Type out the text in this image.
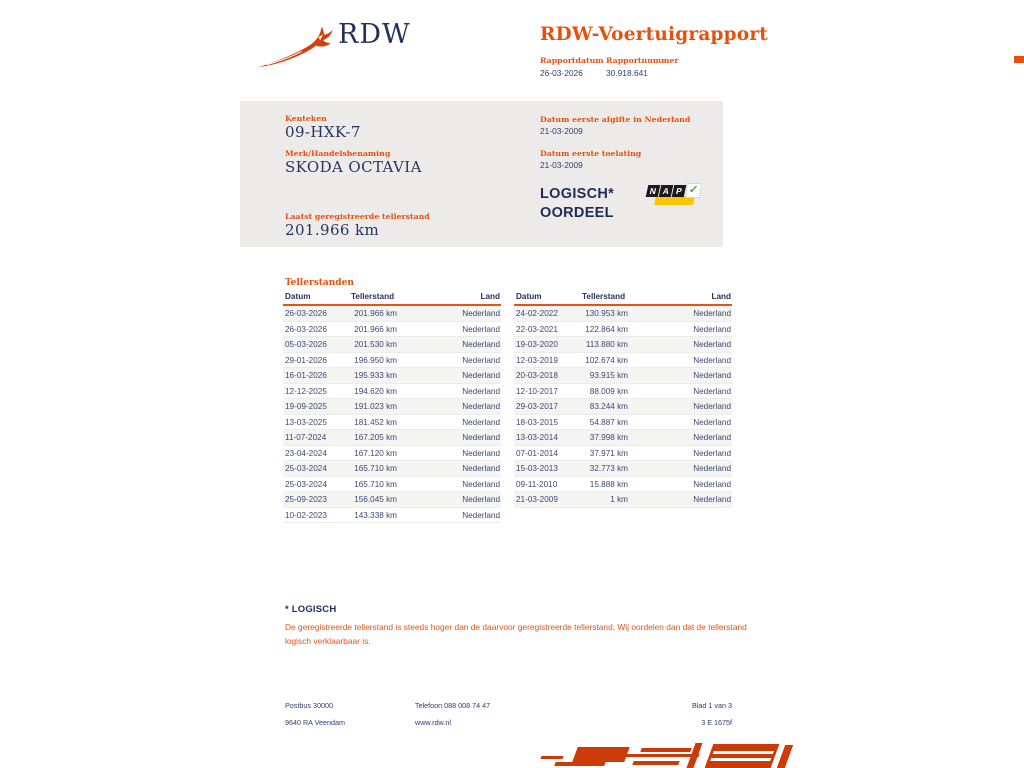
RDW	RDW-Voertuigrapport
Rapportdatum
26-03-2026
Rapportnummer
30.918.641
Kenteken
09-HXK-7
Merk/Handelsbenaming
SKODA OCTAVIA
Laatst geregistreerde tellerstand
201.966 km
Datum eerste afgifte in Nederland
21-03-2009
Datum eerste toelating
21-03-2009
LOGISCH*
OORDEEL
N A P ✓
Tellerstanden
Datum	Tellerstand	Land
26-03-2026	201.966 km	Nederland
26-03-2026	201.966 km	Nederland
05-03-2026	201.530 km	Nederland
29-01-2026	196.950 km	Nederland
16-01-2026	195.933 km	Nederland
12-12-2025	194.620 km	Nederland
19-09-2025	191.023 km	Nederland
13-03-2025	181.452 km	Nederland
11-07-2024	167.205 km	Nederland
23-04-2024	167.120 km	Nederland
25-03-2024	165.710 km	Nederland
25-03-2024	165.710 km	Nederland
25-09-2023	156.045 km	Nederland
10-02-2023	143.338 km	Nederland
Datum	Tellerstand	Land
24-02-2022	130.953 km	Nederland
22-03-2021	122.864 km	Nederland
19-03-2020	113.880 km	Nederland
12-03-2019	102.674 km	Nederland
20-03-2018	93.915 km	Nederland
12-10-2017	88.009 km	Nederland
29-03-2017	83.244 km	Nederland
18-03-2015	54.887 km	Nederland
13-03-2014	37.998 km	Nederland
07-01-2014	37.971 km	Nederland
15-03-2013	32.773 km	Nederland
09-11-2010	15.888 km	Nederland
21-03-2009	1 km	Nederland
* LOGISCH
De geregistreerde tellerstand is steeds hoger dan de daarvoor geregistreerde tellerstand. Wij oordelen dan dat de tellerstand logisch verklaarbaar is.
Postbus 30000
9640 RA Veendam
Telefoon 088 008 74 47
www.rdw.nl
Blad 1 van 3
3 E 1675f
